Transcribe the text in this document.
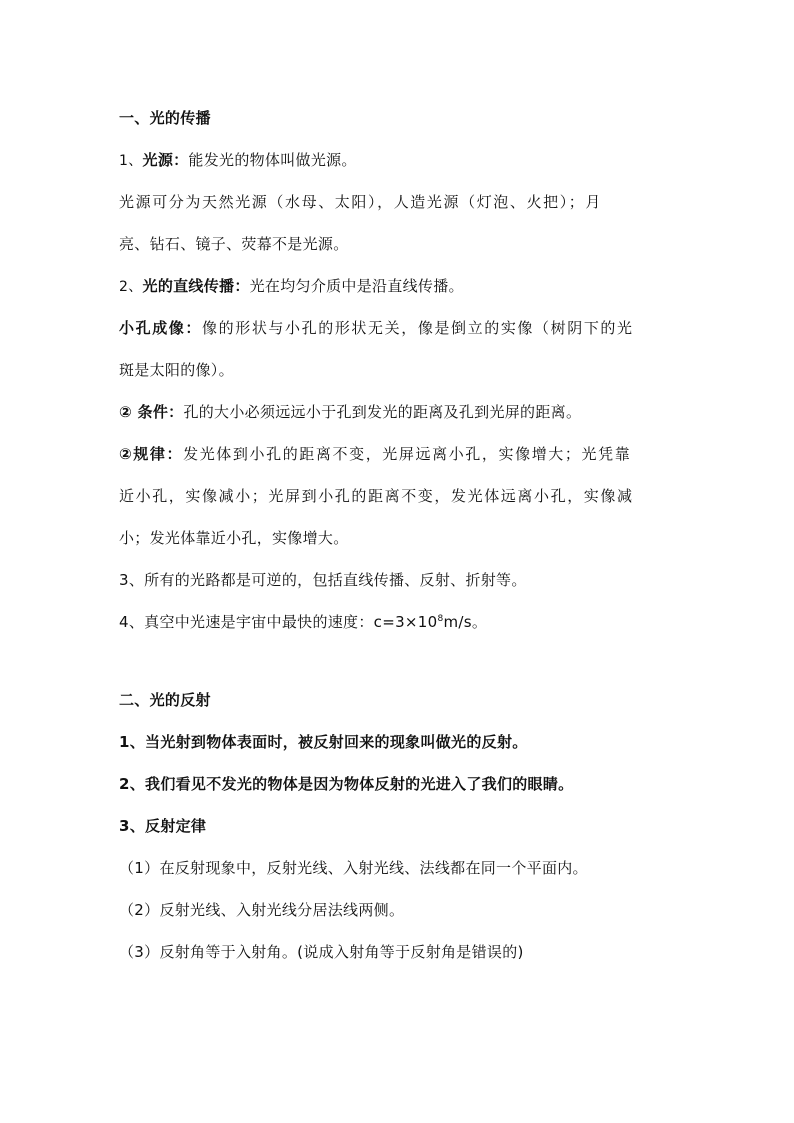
一、光的传播
1、光源：能发光的物体叫做光源。
光源可分为天然光源（水母、太阳），人造光源（灯泡、火把）；月
亮、钻石、镜子、荧幕不是光源。
2、光的直线传播：光在均匀介质中是沿直线传播。
小孔成像：像的形状与小孔的形状无关，像是倒立的实像（树阴下的光
斑是太阳的像）。
② 条件：孔的大小必须远远小于孔到发光的距离及孔到光屏的距离。
②规律：发光体到小孔的距离不变，光屏远离小孔，实像增大；光凭靠
近小孔，实像减小；光屏到小孔的距离不变，发光体远离小孔，实像减
小；发光体靠近小孔，实像增大。
3、所有的光路都是可逆的，包括直线传播、反射、折射等。
4、真空中光速是宇宙中最快的速度：$c=3\times 10^8m/s$。
二、光的反射
1、当光射到物体表面时，被反射回来的现象叫做光的反射。
2、我们看见不发光的物体是因为物体反射的光进入了我们的眼睛。
3、反射定律
（1）在反射现象中，反射光线、入射光线、法线都在同一个平面内。
（2）反射光线、入射光线分居法线两侧。
（3）反射角等于入射角。(说成入射角等于反射角是错误的)
